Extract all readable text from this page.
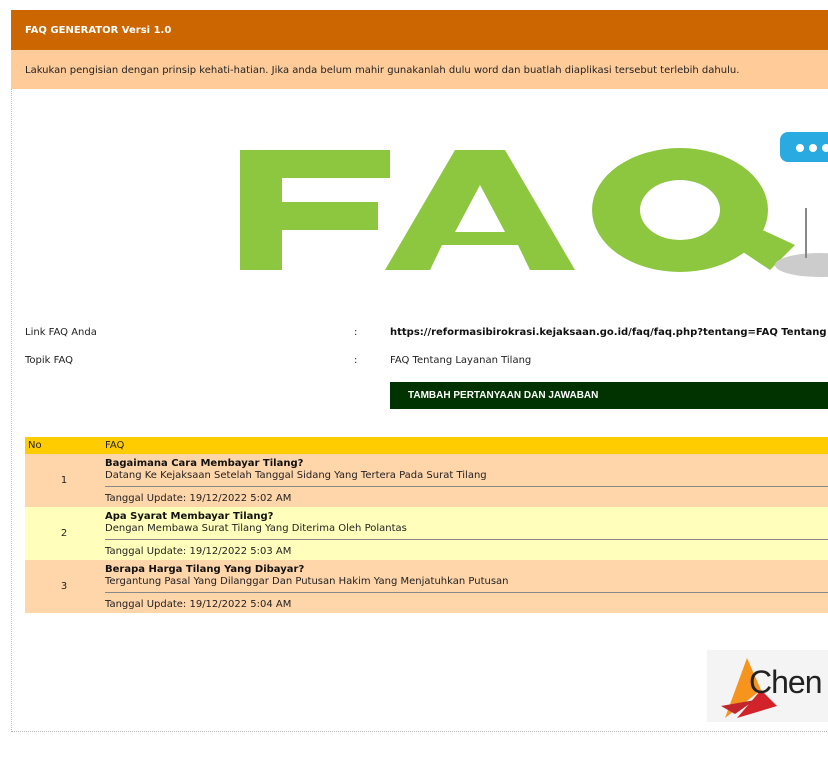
FAQ GENERATOR Versi 1.0
Lakukan pengisian dengan prinsip kehati-hatian. Jika anda belum mahir gunakanlah dulu word dan buatlah diaplikasi tersebut terlebih dahulu.
Link FAQ Anda	:	https://reformasibirokrasi.kejaksaan.go.id/faq/faq.php?tentang=FAQ Tentang
Topik FAQ	:	FAQ Tentang Layanan Tilang
TAMBAH PERTANYAAN DAN JAWABAN
No	FAQ
1
Bagaimana Cara Membayar Tilang?
Datang Ke Kejaksaan Setelah Tanggal Sidang Yang Tertera Pada Surat Tilang
Tanggal Update: 19/12/2022 5:02 AM
2
Apa Syarat Membayar Tilang?
Dengan Membawa Surat Tilang Yang Diterima Oleh Polantas
Tanggal Update: 19/12/2022 5:03 AM
3
Berapa Harga Tilang Yang Dibayar?
Tergantung Pasal Yang Dilanggar Dan Putusan Hakim Yang Menjatuhkan Putusan
Tanggal Update: 19/12/2022 5:04 AM
Chen
